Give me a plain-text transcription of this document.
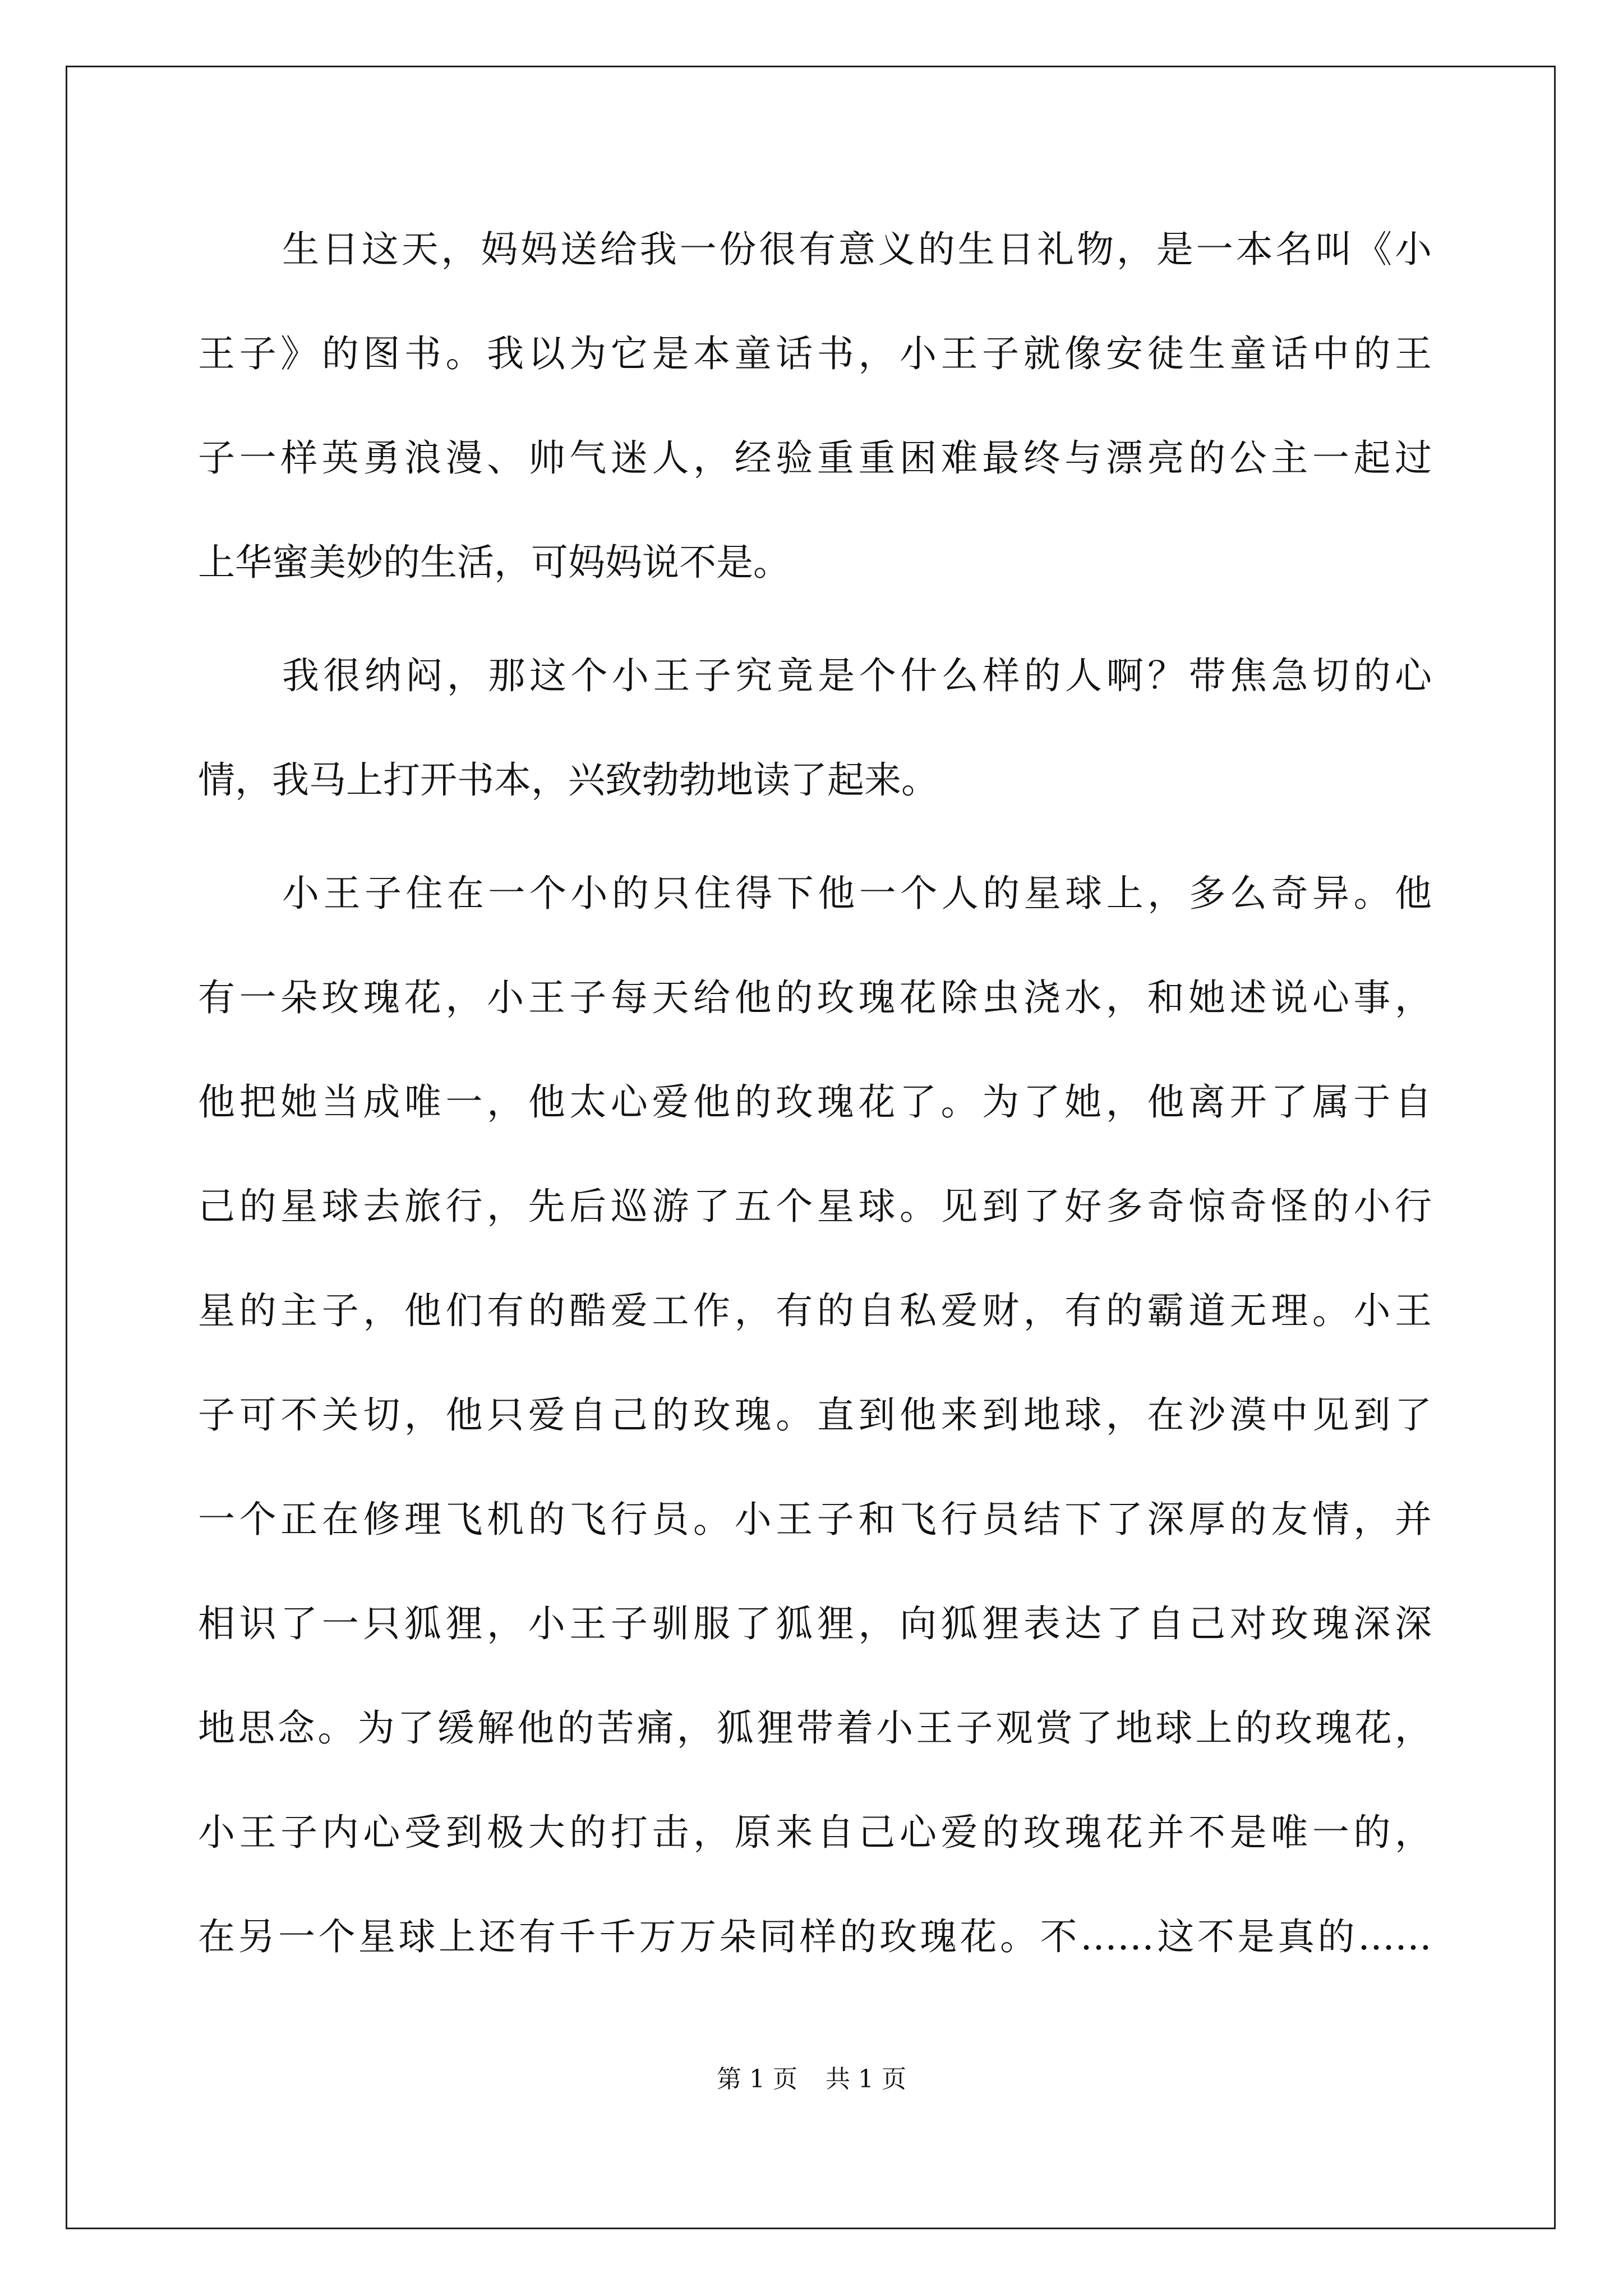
生日这天，妈妈送给我一份很有意义的生日礼物，是一本名叫《小
王子》的图书。我以为它是本童话书，小王子就像安徒生童话中的王
子一样英勇浪漫、帅气迷人，经验重重困难最终与漂亮的公主一起过
上华蜜美妙的生活，可妈妈说不是。
我很纳闷，那这个小王子究竟是个什么样的人啊？带焦急切的心
情，我马上打开书本，兴致勃勃地读了起来。
小王子住在一个小的只住得下他一个人的星球上，多么奇异。他
有一朵玫瑰花，小王子每天给他的玫瑰花除虫浇水，和她述说心事，
他把她当成唯一，他太心爱他的玫瑰花了。为了她，他离开了属于自
己的星球去旅行，先后巡游了五个星球。见到了好多奇惊奇怪的小行
星的主子，他们有的酷爱工作，有的自私爱财，有的霸道无理。小王
子可不关切，他只爱自己的玫瑰。直到他来到地球，在沙漠中见到了
一个正在修理飞机的飞行员。小王子和飞行员结下了深厚的友情，并
相识了一只狐狸，小王子驯服了狐狸，向狐狸表达了自己对玫瑰深深
地思念。为了缓解他的苦痛，狐狸带着小王子观赏了地球上的玫瑰花，
小王子内心受到极大的打击，原来自己心爱的玫瑰花并不是唯一的，
在另一个星球上还有千千万万朵同样的玫瑰花。不……这不是真的……
第 1 页 共 1 页
